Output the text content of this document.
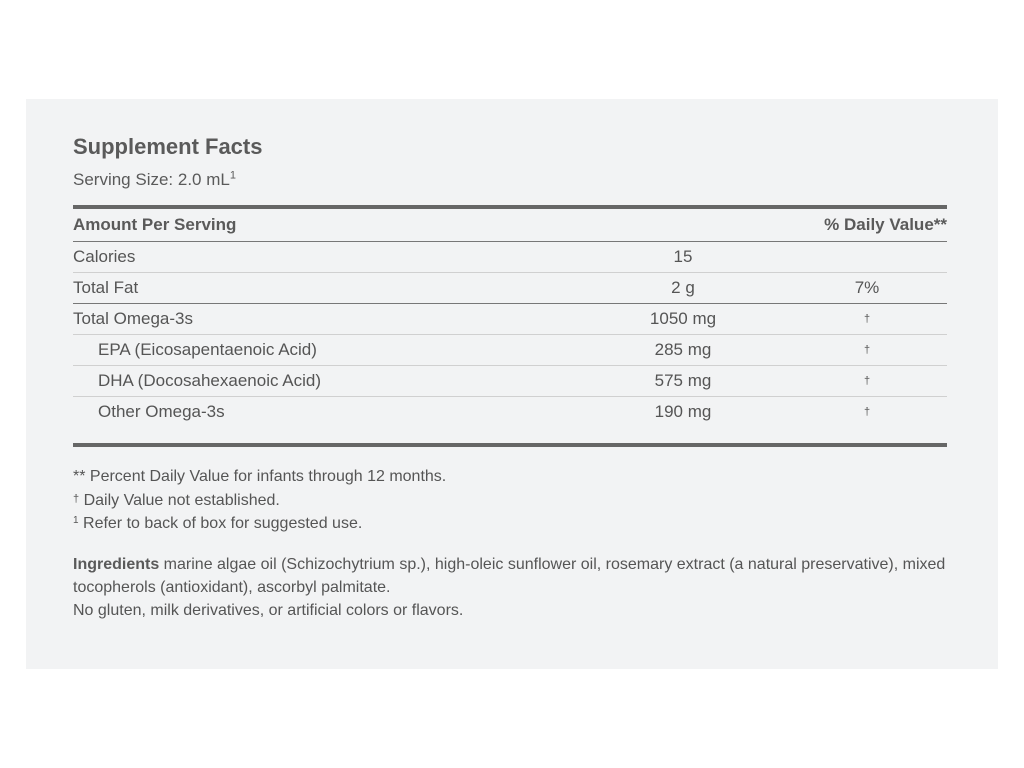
Supplement Facts
Serving Size: 2.0 $mL^1$
Amount Per Serving	% Daily Value**
Calories	15
Total Fat	2 g	7%
Total Omega-3s	1050 mg	†
EPA (Eicosapentaenoic Acid)	285 mg	†
DHA (Docosahexaenoic Acid)	575 mg	†
Other Omega-3s	190 mg	†
** Percent Daily Value for infants through 12 months.
† Daily Value not established.
$^1$ Refer to back of box for suggested use.
Ingredients marine algae oil (Schizochytrium sp.), high-oleic sunflower oil, rosemary extract (a natural preservative), mixed tocopherols (antioxidant), ascorbyl palmitate.
No gluten, milk derivatives, or artificial colors or flavors.
